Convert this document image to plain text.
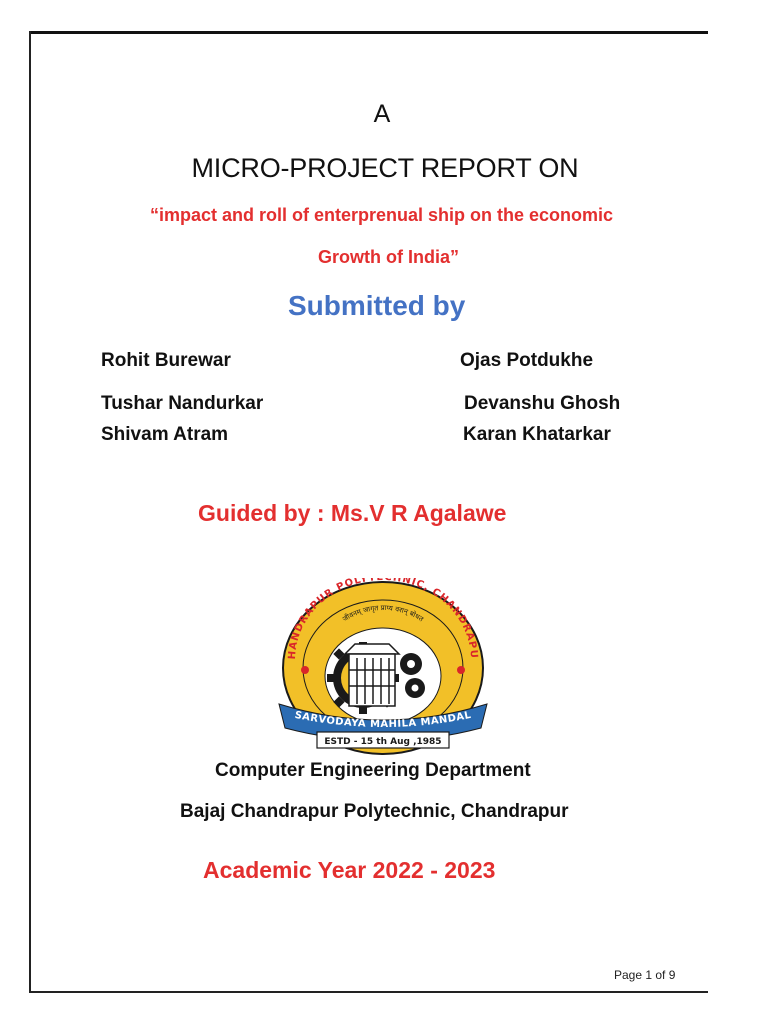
A
MICRO-PROJECT REPORT ON
“impact and roll of enterprenual ship on the economic
Growth of India”
Submitted by
Rohit Burewar
Tushar Nandurkar
Shivam Atram
Ojas Potdukhe
Devanshu Ghosh
Karan Khatarkar
Guided by : Ms.V R Agalawe
HANDRAPUR POLYT HNIC, CHANDRAPU
जीवनम् जागृत प्राप्य वरान् बोधत
SARVODAYA MAHILA MANDAL
ESTD - 15 th Aug ,1985
Computer Engineering Department
Bajaj Chandrapur Polytechnic, Chandrapur
Academic Year 2022 - 2023
Page 1 of 9
